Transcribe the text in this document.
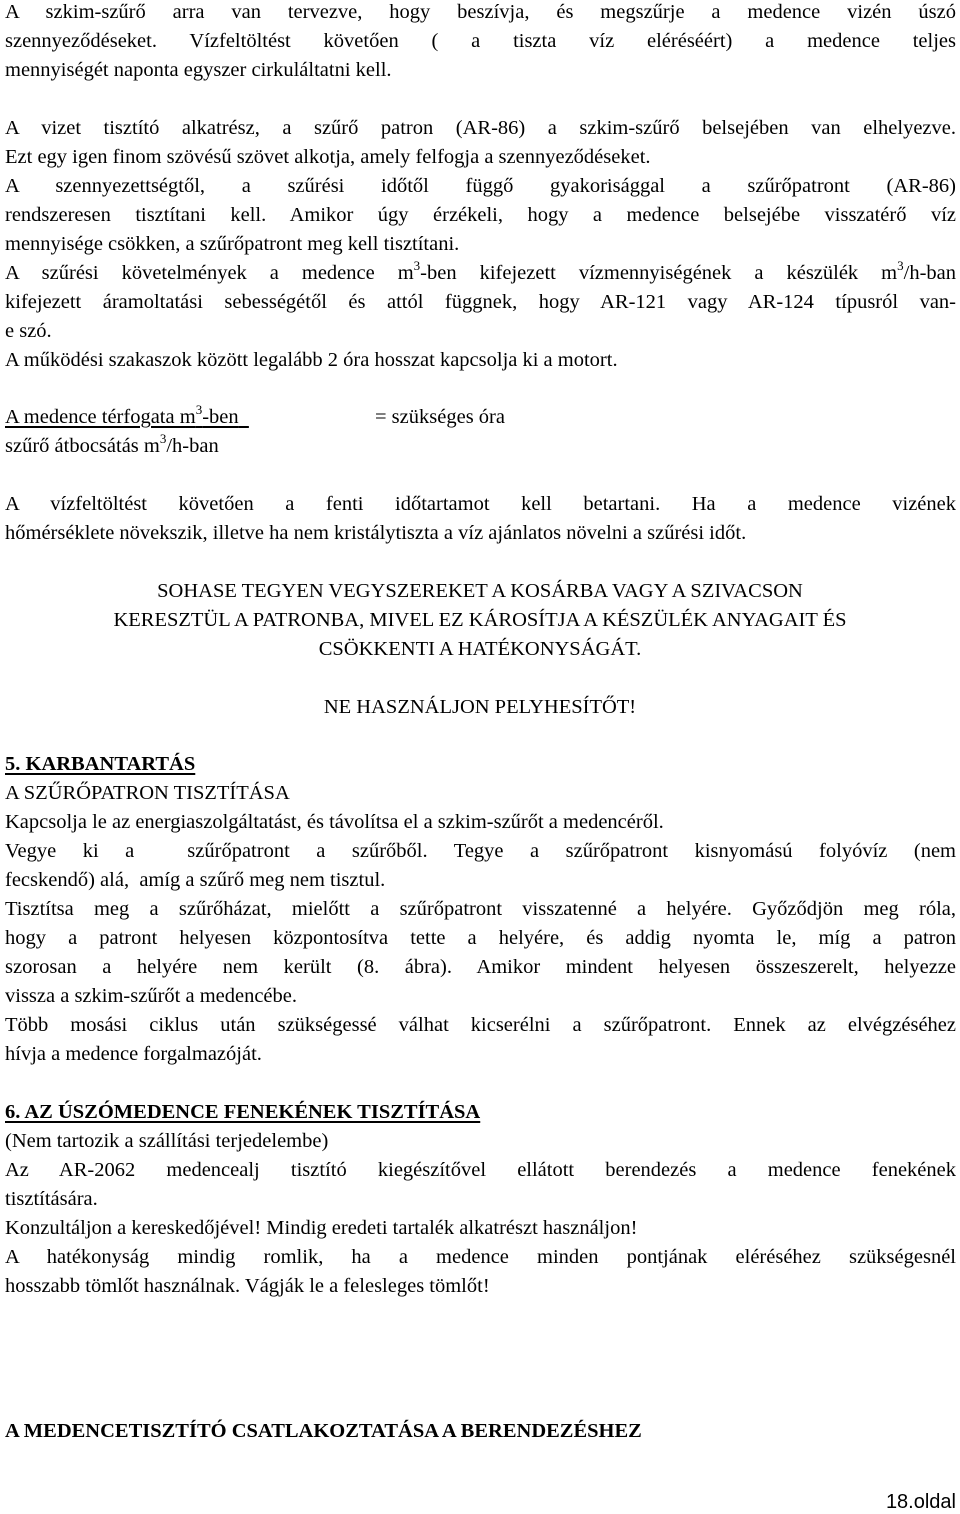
A szkim-szűrő arra van tervezve, hogy beszívja, és megszűrje a medence vizén úszó
szennyeződéseket. Vízfeltöltést követően ( a tiszta víz eléréséért) a medence teljes
mennyiségét naponta egyszer cirkuláltatni kell.
A vizet tisztító alkatrész, a szűrő patron (AR-86) a szkim-szűrő belsejében van elhelyezve.
Ezt egy igen finom szövésű szövet alkotja, amely felfogja a szennyeződéseket.
A szennyezettségtől, a szűrési időtől függő gyakorisággal a szűrőpatront (AR-86)
rendszeresen tisztítani kell. Amikor úgy érzékeli, hogy a medence belsejébe visszatérő víz
mennyisége csökken, a szűrőpatront meg kell tisztítani.
A szűrési követelmények a medence $m^3$-ben kifejezett vízmennyiségének a készülék $m^3/h$-ban
kifejezett áramoltatási sebességétől és attól függnek, hogy AR-121 vagy AR-124 típusról van-
e szó.
A működési szakaszok között legalább 2 óra hosszat kapcsolja ki a motort.
A medence térfogata $m^3$-ben	= szükséges óra
szűrő átbocsátás $m^3/h$-ban
A vízfeltöltést követően a fenti időtartamot kell betartani. Ha a medence vizének
hőmérséklete növekszik, illetve ha nem kristálytiszta a víz ajánlatos növelni a szűrési időt.
SOHASE TEGYEN VEGYSZEREKET A KOSÁRBA VAGY A SZIVACSON
KERESZTÜL A PATRONBA, MIVEL EZ KÁROSÍTJA A KÉSZÜLÉK ANYAGAIT ÉS
CSÖKKENTI A HATÉKONYSÁGÁT.
NE HASZNÁLJON PELYHESÍTŐT!
5. KARBANTARTÁS
A SZŰRŐPATRON TISZTÍTÁSA
Kapcsolja le az energiaszolgáltatást, és távolítsa el a szkim-szűrőt a medencéről.
Vegye ki a  szűrőpatront a szűrőből. Tegye a szűrőpatront kisnyomású folyóvíz (nem
fecskendő) alá,  amíg a szűrő meg nem tisztul.
Tisztítsa meg a szűrőházat, mielőtt a szűrőpatront visszatenné a helyére. Győződjön meg róla,
hogy a patront helyesen központosítva tette a helyére, és addig nyomta le, míg a patron
szorosan a helyére nem került (8. ábra). Amikor mindent helyesen összeszerelt, helyezze
vissza a szkim-szűrőt a medencébe.
Több mosási ciklus után szükségessé válhat kicserélni a szűrőpatront. Ennek az elvégzéséhez
hívja a medence forgalmazóját.
6. AZ ÚSZÓMEDENCE FENEKÉNEK TISZTÍTÁSA
(Nem tartozik a szállítási terjedelembe)
Az AR-2062 medencealj tisztító kiegészítővel ellátott berendezés a medence fenekének
tisztítására.
Konzultáljon a kereskedőjével! Mindig eredeti tartalék alkatrészt használjon!
A hatékonyság mindig romlik, ha a medence minden pontjának eléréséhez szükségesnél
hosszabb tömlőt használnak. Vágják le a felesleges tömlőt!
A MEDENCETISZTÍTÓ CSATLAKOZTATÁSA A BERENDEZÉSHEZ
18.oldal
